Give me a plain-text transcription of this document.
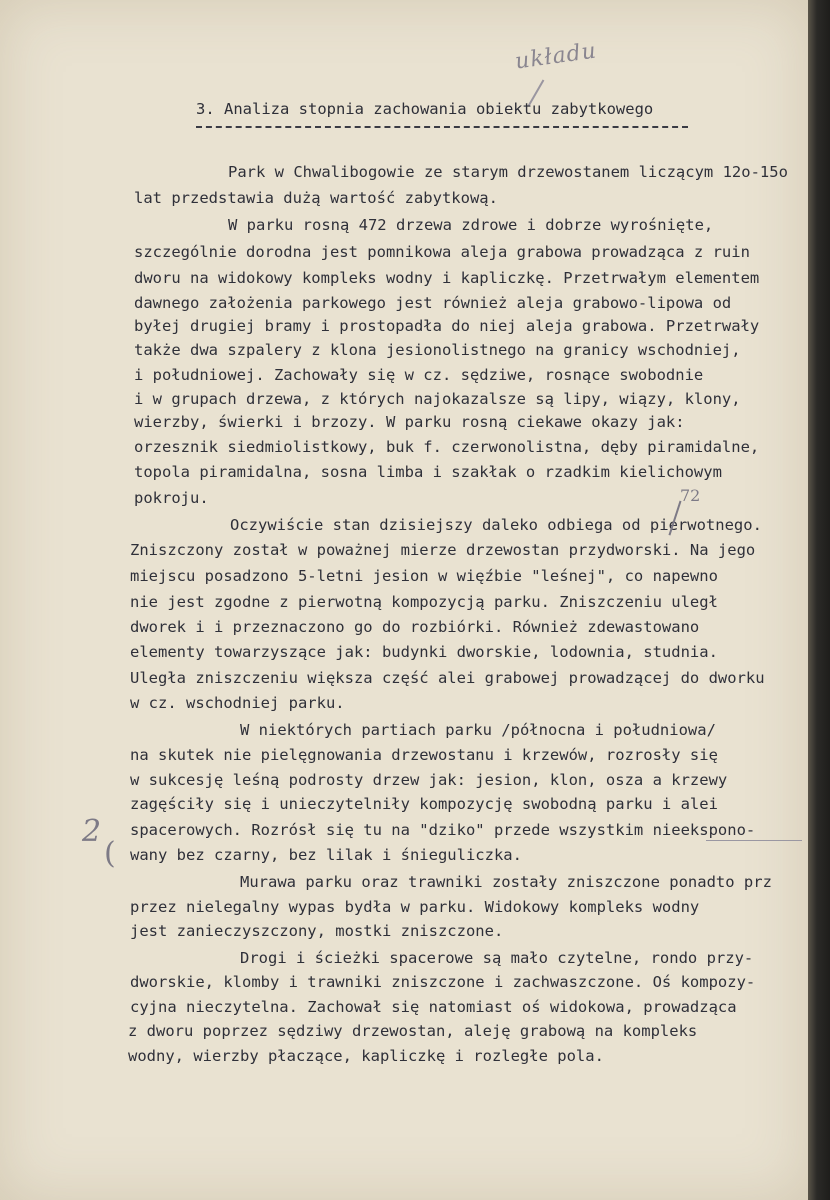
układu
3. Analiza stopnia zachowania obiektu zabytkowego
Park w Chwalibogowie ze starym drzewostanem liczącym 12o-15o
lat przedstawia dużą wartość zabytkową.
W parku rosną 472 drzewa zdrowe i dobrze wyrośnięte,
szczególnie dorodna jest pomnikowa aleja grabowa prowadząca z ruin
dworu na widokowy kompleks wodny i kapliczkę. Przetrwałym elementem
dawnego założenia parkowego jest również aleja grabowo-lipowa od
byłej drugiej bramy i prostopadła do niej aleja grabowa. Przetrwały
także dwa szpalery z klona jesionolistnego na granicy wschodniej,
i południowej. Zachowały się w cz. sędziwe, rosnące swobodnie
i w grupach drzewa, z których najokazalsze są lipy, wiązy, klony,
wierzby, świerki i brzozy. W parku rosną ciekawe okazy jak:
orzesznik siedmiolistkowy, buk f. czerwonolistna, dęby piramidalne,
topola piramidalna, sosna limba i szakłak o rzadkim kielichowym
pokroju.
Oczywiście stan dzisiejszy daleko odbiega od pierwotnego.
Zniszczony został w poważnej mierze drzewostan przydworski. Na jego
miejscu posadzono 5-letni jesion w więźbie "leśnej", co napewno
nie jest zgodne z pierwotną kompozycją parku. Zniszczeniu uległ
dworek i i przeznaczono go do rozbiórki. Również zdewastowano
elementy towarzyszące jak: budynki dworskie, lodownia, studnia.
Uległa zniszczeniu większa część alei grabowej prowadzącej do dworku
w cz. wschodniej parku.
W niektórych partiach parku /północna i południowa/
na skutek nie pielęgnowania drzewostanu i krzewów, rozrosły się
w sukcesję leśną podrosty drzew jak: jesion, klon, osza a krzewy
zagęściły się i unieczytelniły kompozycję swobodną parku i alei
spacerowych. Rozrósł się tu na "dziko" przede wszystkim nieekspono-
wany bez czarny, bez lilak i śnieguliczka.
Murawa parku oraz trawniki zostały zniszczone ponadto prz
przez nielegalny wypas bydła w parku. Widokowy kompleks wodny
jest zanieczyszczony, mostki zniszczone.
Drogi i ścieżki spacerowe są mało czytelne, rondo przy-
dworskie, klomby i trawniki zniszczone i zachwaszczone. Oś kompozy-
cyjna nieczytelna. Zachował się natomiast oś widokowa, prowadząca
z dworu poprzez sędziwy drzewostan, aleję grabową na kompleks
wodny, wierzby płaczące, kapliczkę i rozległe pola.
72
2
(
